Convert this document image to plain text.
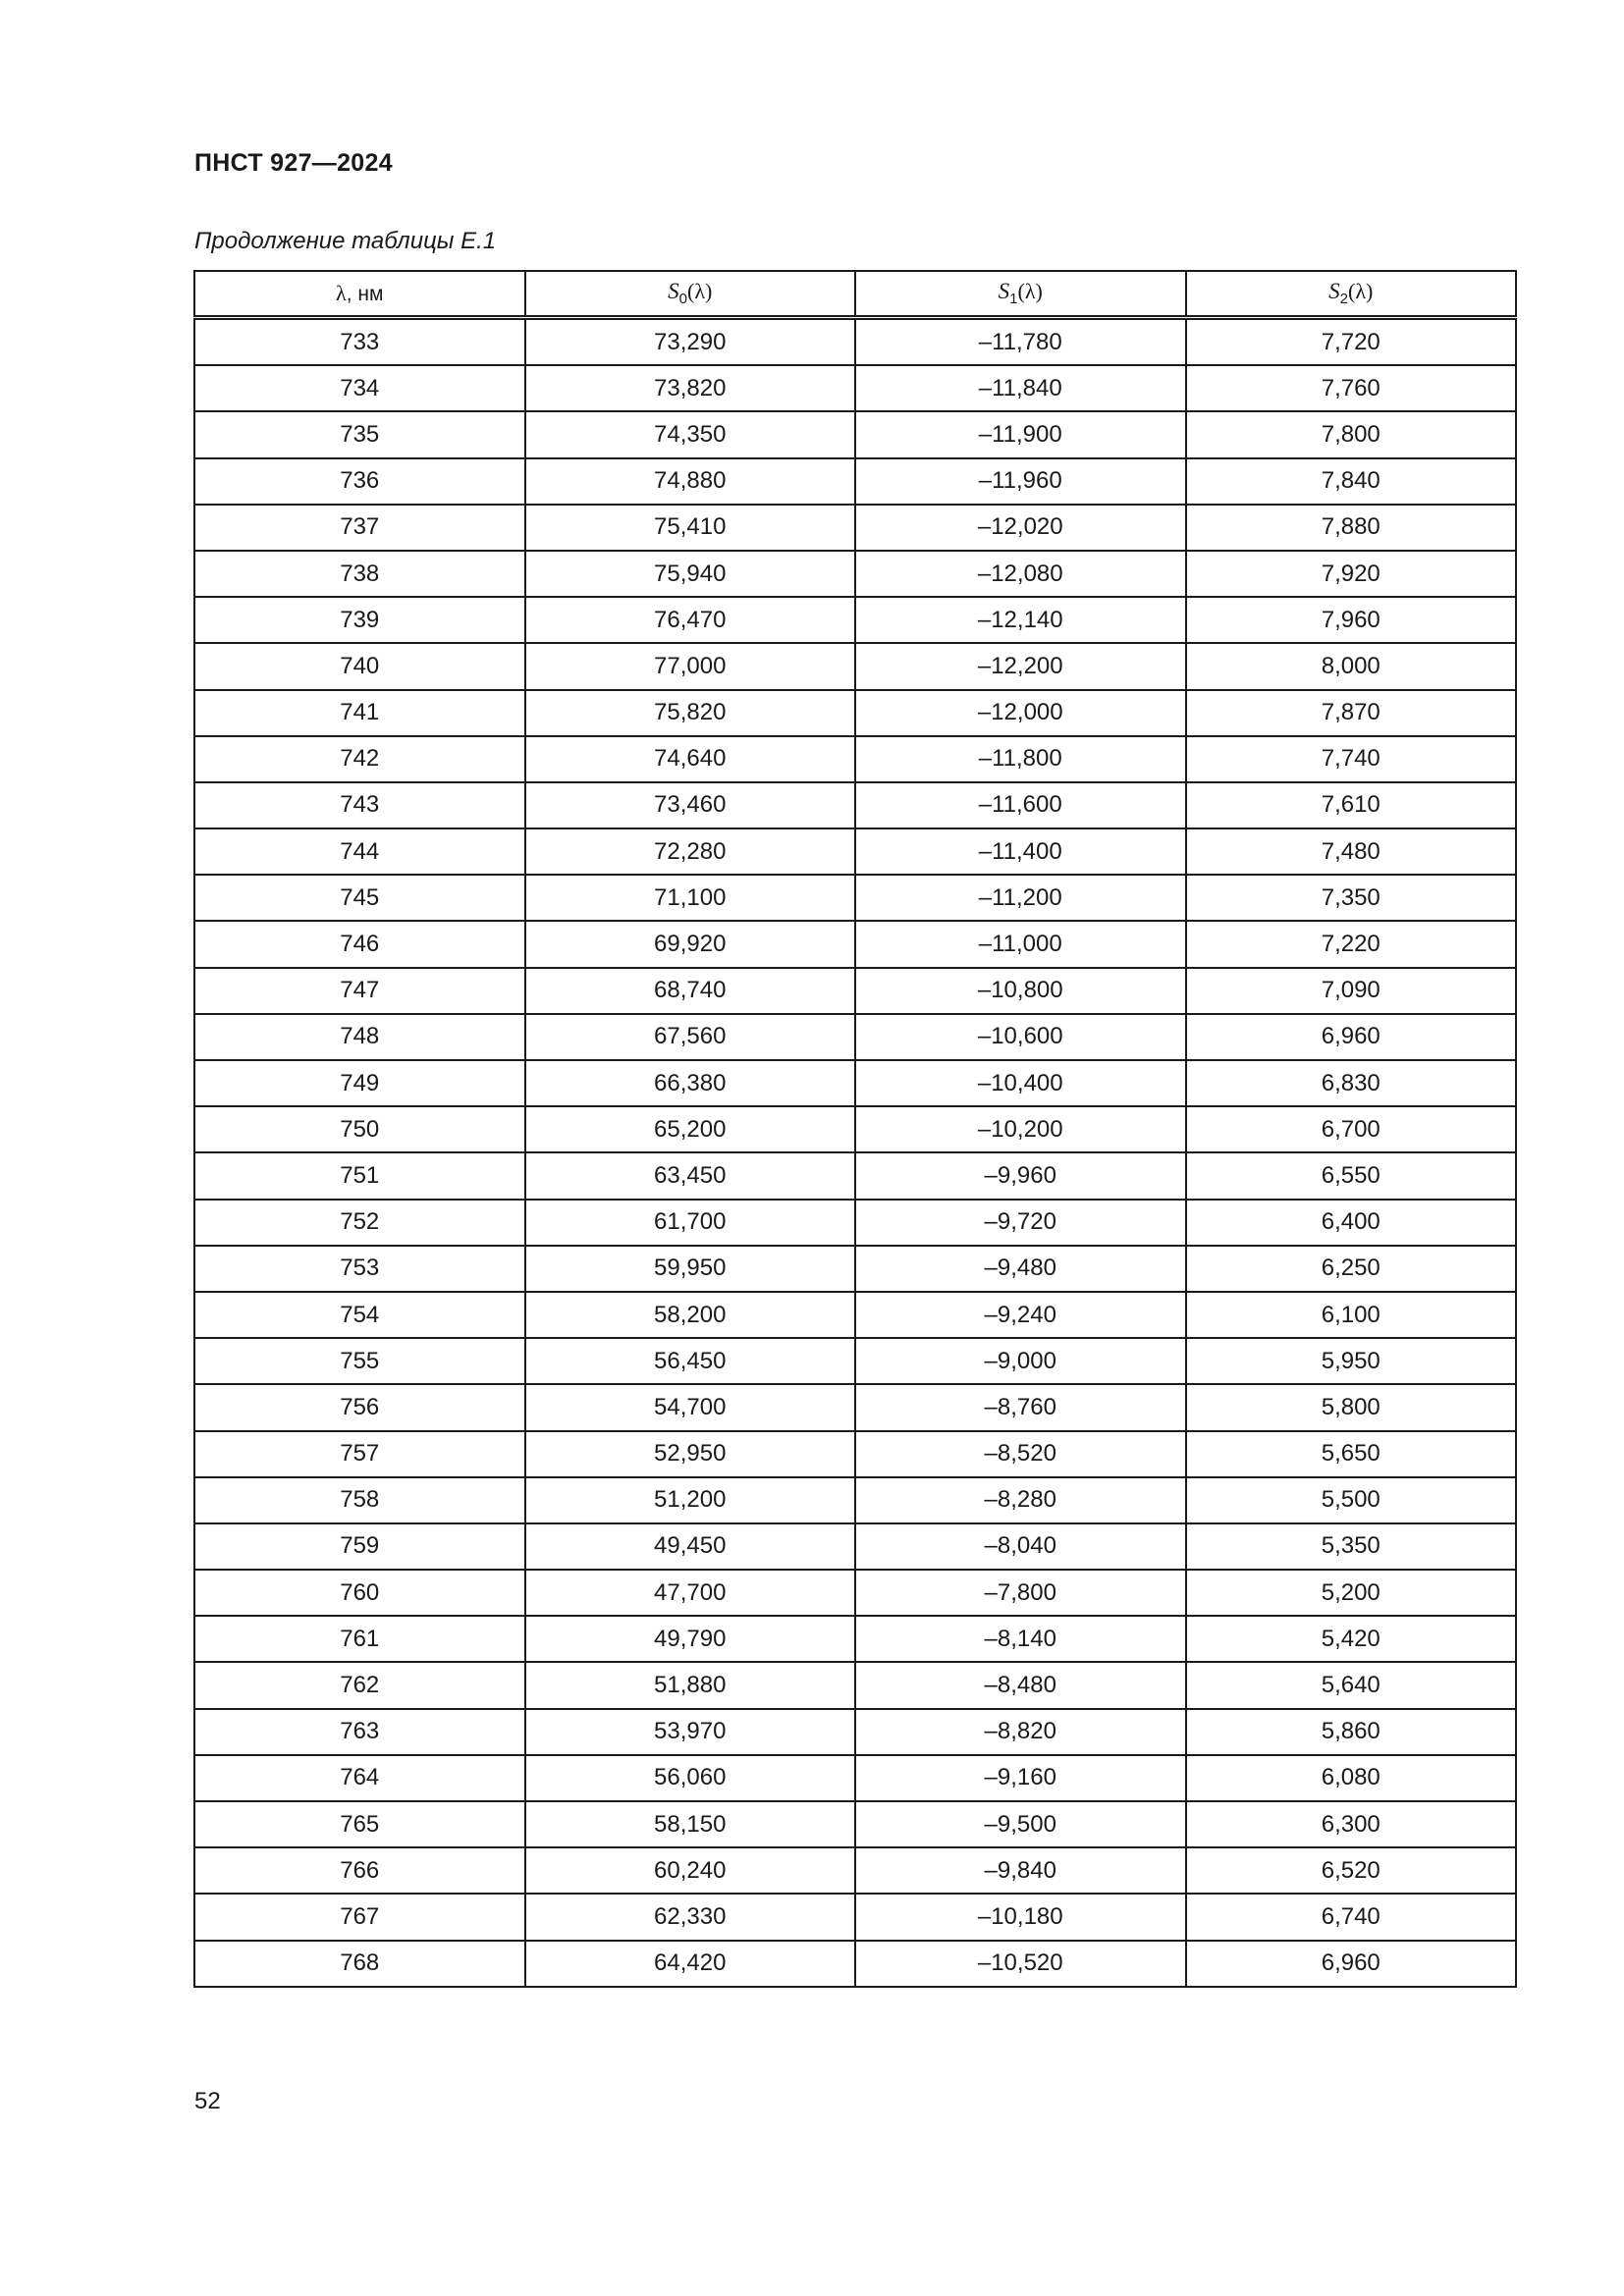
ПНСТ 927—2024
Продолжение таблицы Е.1
λ, нм	$S_0(\lambda)$	$S_1(\lambda)$	$S_2(\lambda)$
733	73,290	–11,780	7,720
734	73,820	–11,840	7,760
735	74,350	–11,900	7,800
736	74,880	–11,960	7,840
737	75,410	–12,020	7,880
738	75,940	–12,080	7,920
739	76,470	–12,140	7,960
740	77,000	–12,200	8,000
741	75,820	–12,000	7,870
742	74,640	–11,800	7,740
743	73,460	–11,600	7,610
744	72,280	–11,400	7,480
745	71,100	–11,200	7,350
746	69,920	–11,000	7,220
747	68,740	–10,800	7,090
748	67,560	–10,600	6,960
749	66,380	–10,400	6,830
750	65,200	–10,200	6,700
751	63,450	–9,960	6,550
752	61,700	–9,720	6,400
753	59,950	–9,480	6,250
754	58,200	–9,240	6,100
755	56,450	–9,000	5,950
756	54,700	–8,760	5,800
757	52,950	–8,520	5,650
758	51,200	–8,280	5,500
759	49,450	–8,040	5,350
760	47,700	–7,800	5,200
761	49,790	–8,140	5,420
762	51,880	–8,480	5,640
763	53,970	–8,820	5,860
764	56,060	–9,160	6,080
765	58,150	–9,500	6,300
766	60,240	–9,840	6,520
767	62,330	–10,180	6,740
768	64,420	–10,520	6,960
52
